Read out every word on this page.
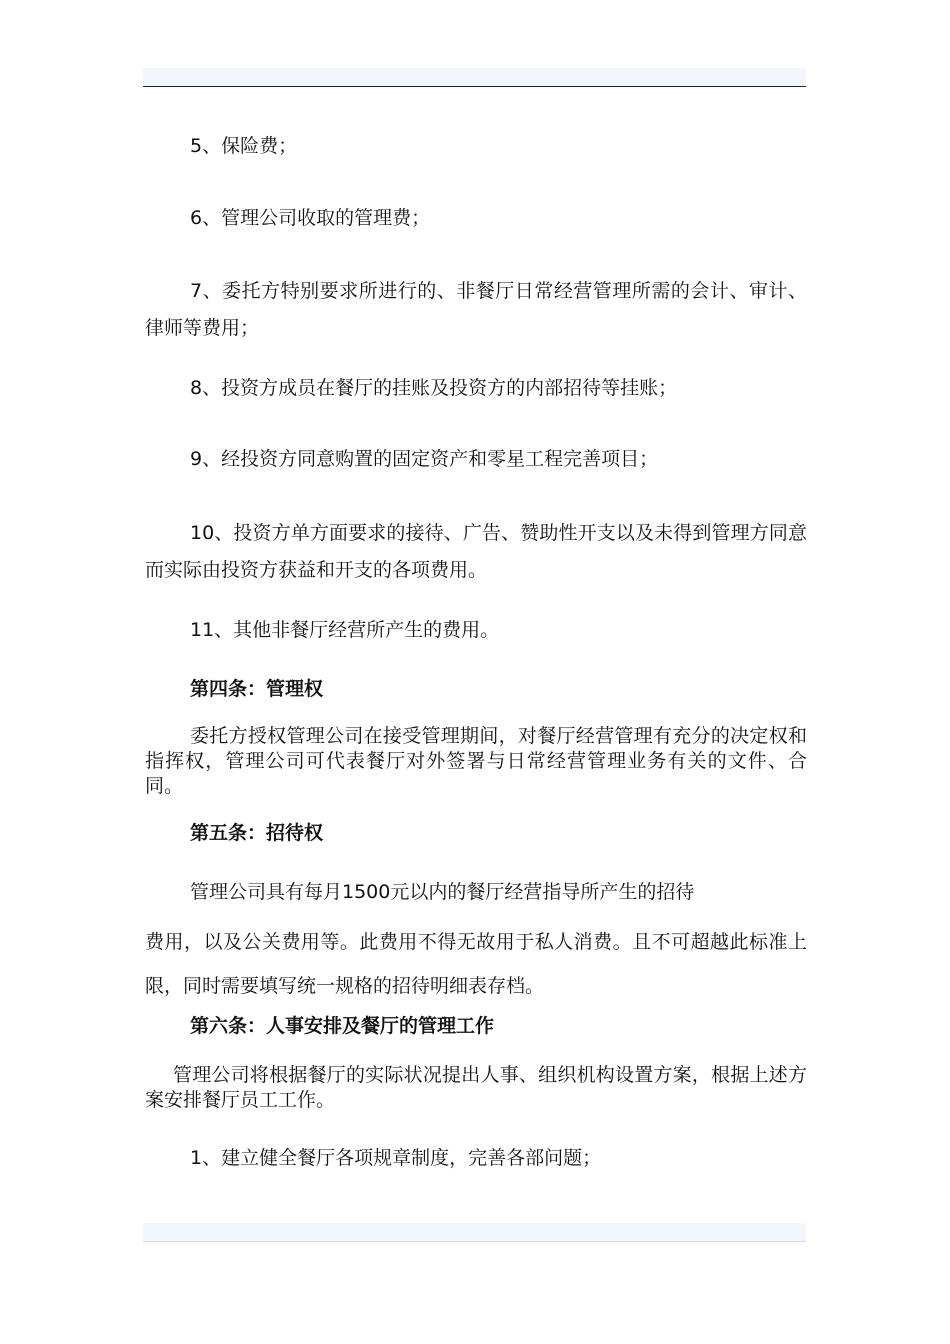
5、保险费；

6、管理公司收取的管理费；

7、委托方特别要求所进行的、非餐厅日常经营管理所需的会计、审计、律师等费用；

8、投资方成员在餐厅的挂账及投资方的内部招待等挂账；

9、经投资方同意购置的固定资产和零星工程完善项目；

10、投资方单方面要求的接待、广告、赞助性开支以及未得到管理方同意而实际由投资方获益和开支的各项费用。

11、其他非餐厅经营所产生的费用。

第四条：管理权

委托方授权管理公司在接受管理期间，对餐厅经营管理有充分的决定权和指挥权，管理公司可代表餐厅对外签署与日常经营管理业务有关的文件、合同。

第五条：招待权

管理公司具有每月1500元以内的餐厅经营指导所产生的招待

费用，以及公关费用等。此费用不得无故用于私人消费。且不可超越此标准上限，同时需要填写统一规格的招待明细表存档。

第六条：人事安排及餐厅的管理工作

管理公司将根据餐厅的实际状况提出人事、组织机构设置方案，根据上述方案安排餐厅员工工作。

1、建立健全餐厅各项规章制度，完善各部问题；
